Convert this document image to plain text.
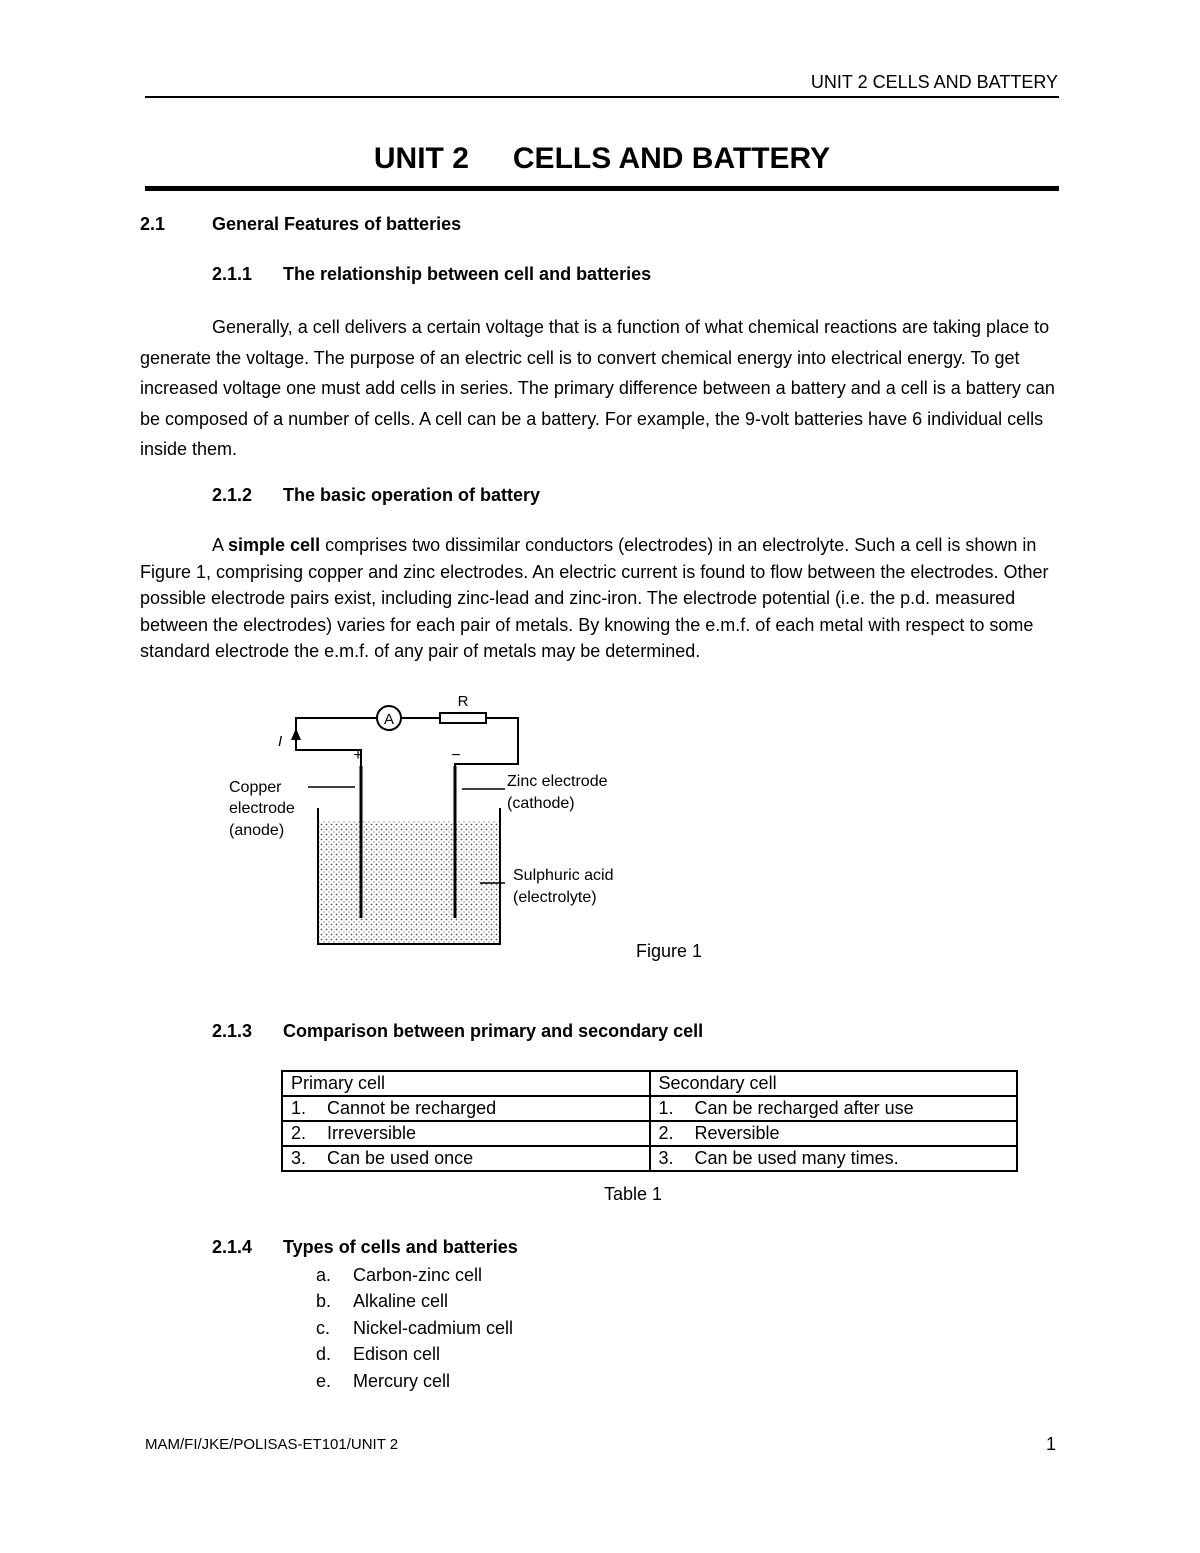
UNIT 2 CELLS AND BATTERY
UNIT 2 CELLS AND BATTERY
2.1	General Features of batteries
2.1.1 The relationship between cell and batteries

Generally, a cell delivers a certain voltage that is a function of what chemical reactions are taking place to generate the voltage. The purpose of an electric cell is to convert chemical energy into electrical energy. To get increased voltage one must add cells in series. The primary difference between a battery and a cell is a battery can be composed of a number of cells. A cell can be a battery. For example, the 9-volt batteries have 6 individual cells inside them.

2.1.2 The basic operation of battery

A simple cell comprises two dissimilar conductors (electrodes) in an electrolyte. Such a cell is shown in Figure 1, comprising copper and zinc electrodes. An electric current is found to flow between the electrodes. Other possible electrode pairs exist, including zinc-lead and zinc-iron. The electrode potential (i.e. the p.d. measured between the electrodes) varies for each pair of metals. By knowing the e.m.f. of each metal with respect to some standard electrode the e.m.f. of any pair of metals may be determined.

A
R
I
+	−
Copper
electrode
(anode)
Zinc electrode
(cathode)
Sulphuric acid
(electrolyte)
Figure 1
2.1.3 Comparison between primary and secondary cell
Primary cell	Secondary cell
1. Cannot be recharged	1. Can be recharged after use
2. Irreversible	2. Reversible
3. Can be used once	3. Can be used many times.
Table 1
2.1.4 Types of cells and batteries
a. Carbon-zinc cell
b. Alkaline cell
c. Nickel-cadmium cell
d. Edison cell
e. Mercury cell
MAM/FI/JKE/POLISAS-ET101/UNIT 2	1
